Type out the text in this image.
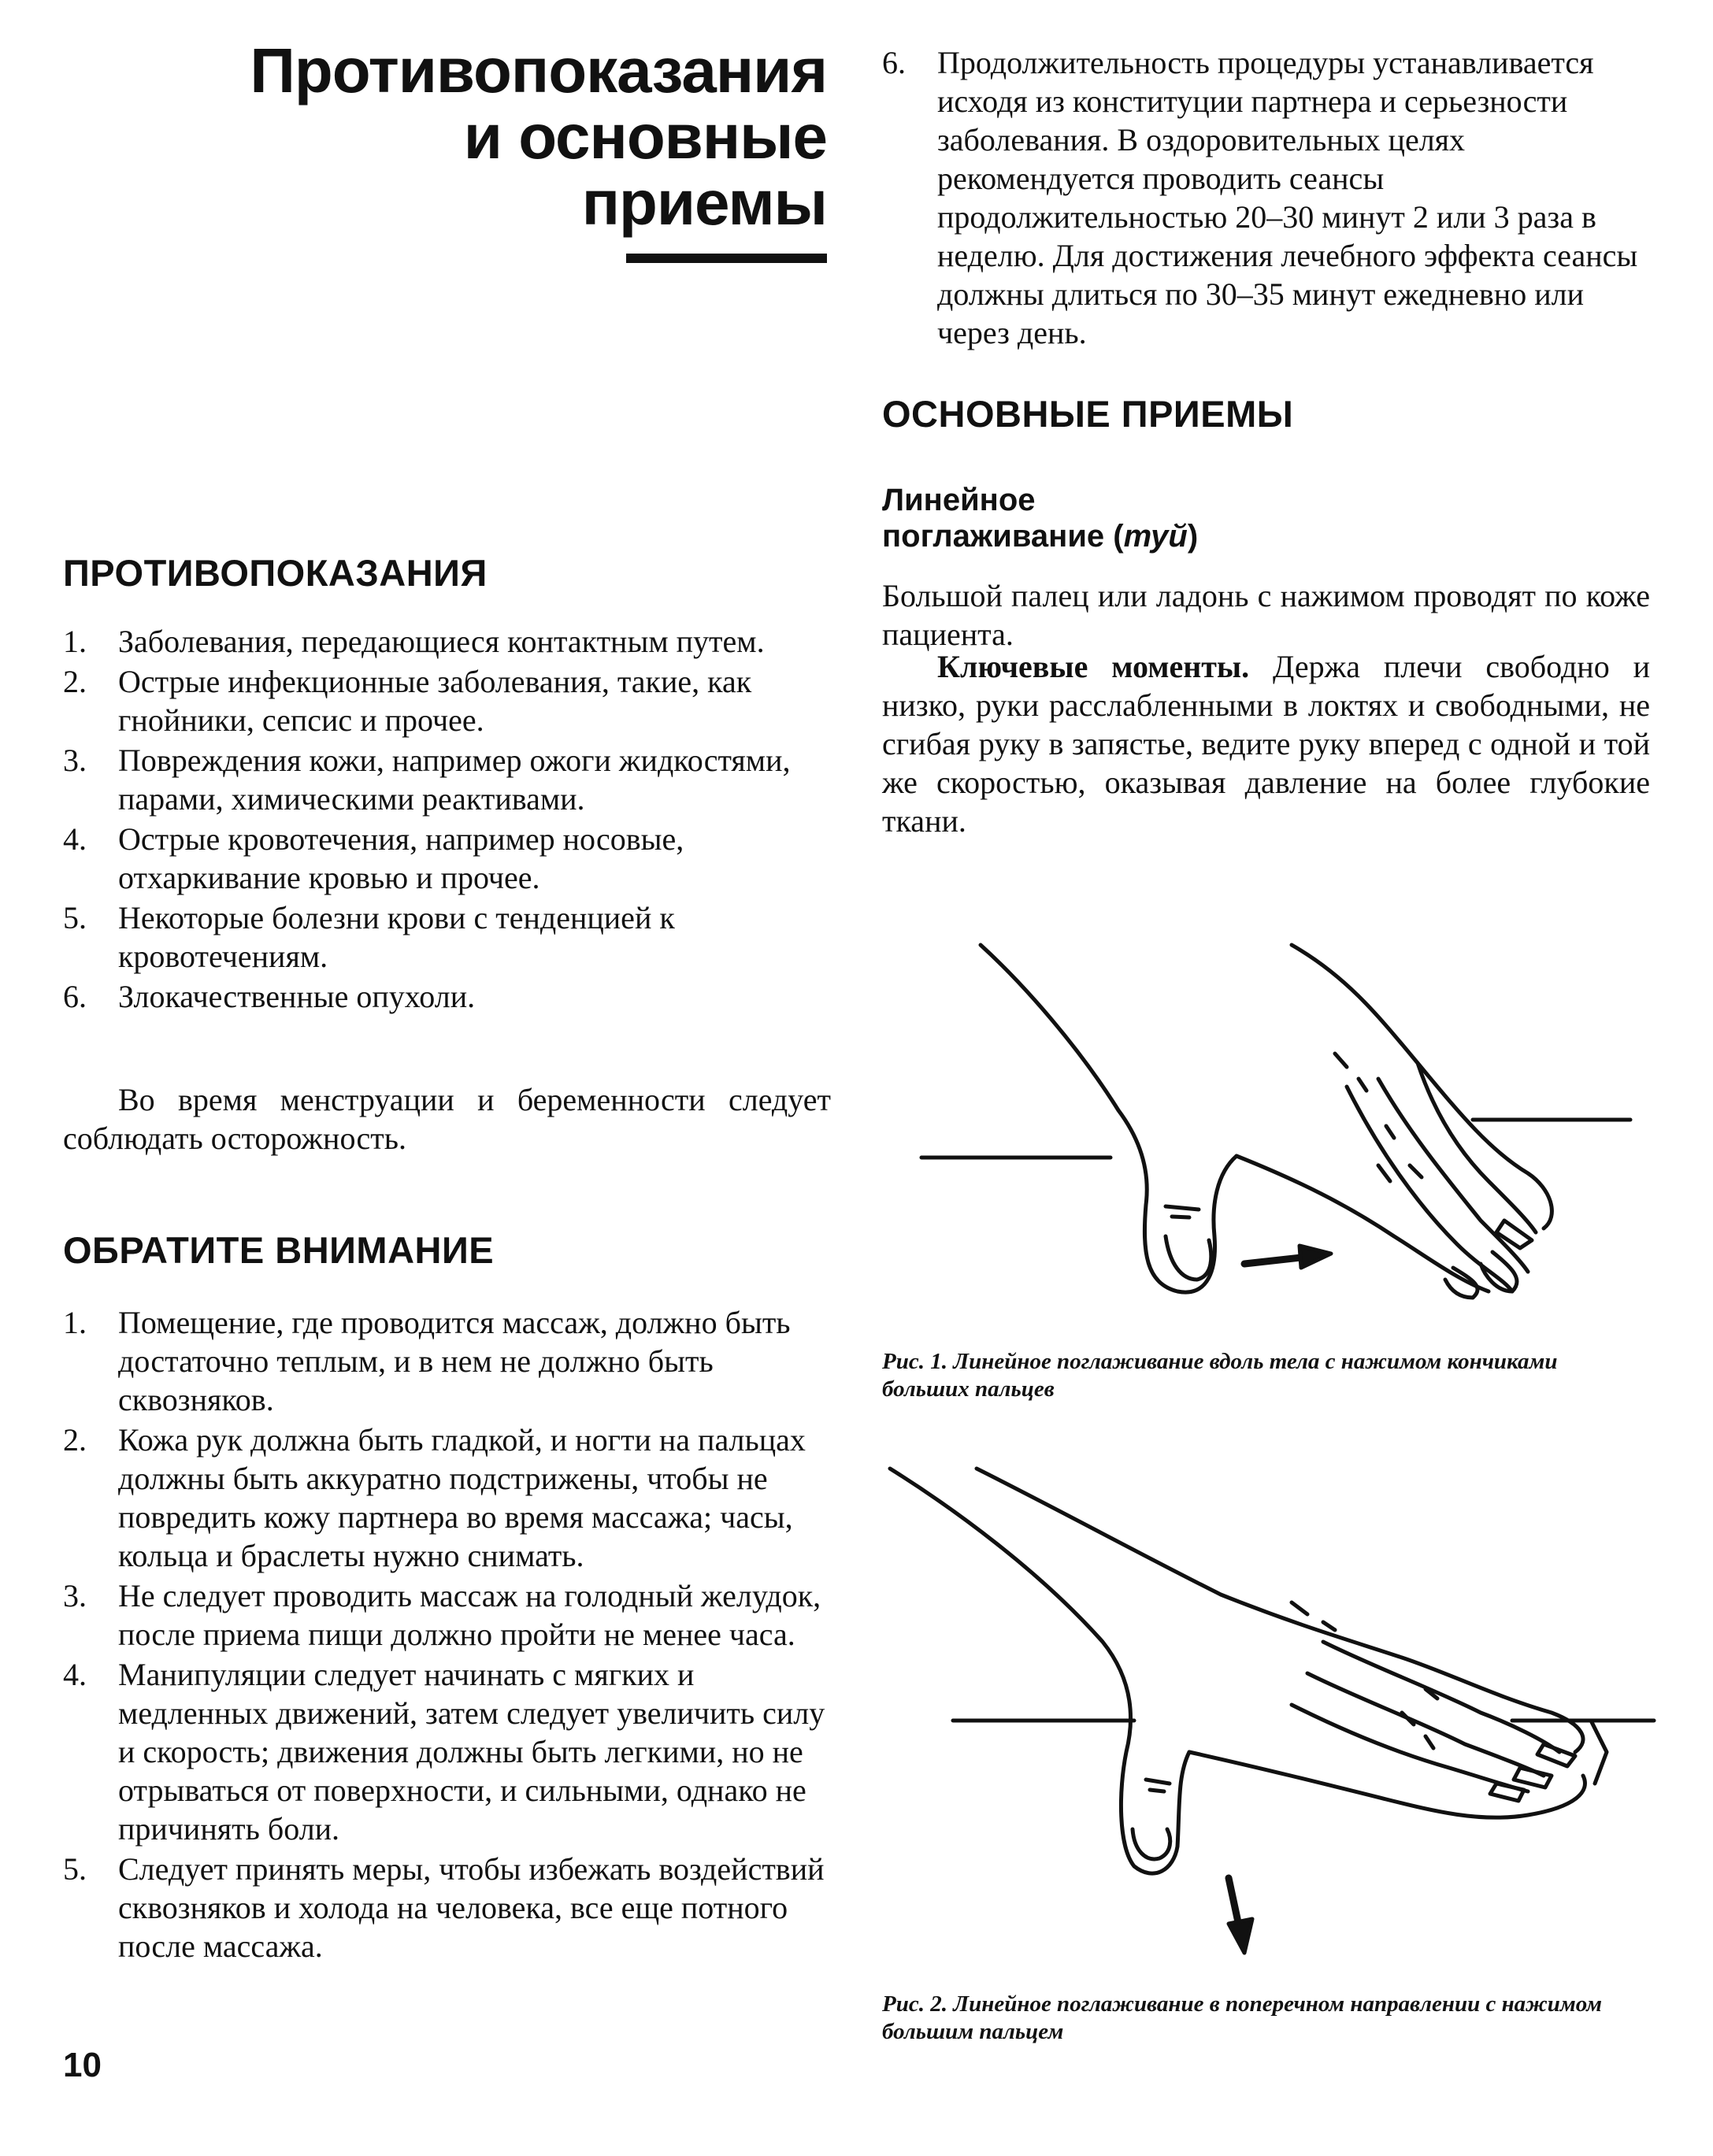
Противопоказания
и основные
приемы
ПРОТИВОПОКАЗАНИЯ
1.	Заболевания, передающиеся контактным путем.
2.	Острые инфекционные заболевания, такие, как гнойники, сепсис и прочее.
3.	Повреждения кожи, например ожоги жидкостями, парами, химическими реактивами.
4.	Острые кровотечения, например носовые, отхаркивание кровью и прочее.
5.	Некоторые болезни крови с тенденцией к кровотечениям.
6.	Злокачественные опухоли.

Во время менструации и беременности следует соблюдать осторожность.

ОБРАТИТЕ ВНИМАНИЕ
1.	Помещение, где проводится массаж, должно быть достаточно теплым, и в нем не должно быть сквозняков.
2.	Кожа рук должна быть гладкой, и ногти на пальцах должны быть аккуратно подстрижены, чтобы не повредить кожу партнера во время массажа; часы, кольца и браслеты нужно снимать.
3.	Не следует проводить массаж на голодный желудок, после приема пищи должно пройти не менее часа.
4.	Манипуляции следует начинать с мягких и медленных движений, затем следует увеличить силу и скорость; движения должны быть легкими, но не отрываться от поверхности, и сильными, однако не причинять боли.
5.	Следует принять меры, чтобы избежать воздействий сквозняков и холода на человека, все еще потного после массажа.
6.	Продолжительность процедуры устанавливается исходя из конституции партнера и серьезности заболевания. В оздоровительных целях рекомендуется проводить сеансы продолжительностью 20–30 минут 2 или 3 раза в неделю. Для достижения лечебного эффекта сеансы должны длиться по 30–35 минут ежедневно или через день.
ОСНОВНЫЕ ПРИЕМЫ
Линейное
поглаживание (туй)

Большой палец или ладонь с нажимом проводят по коже пациента.

Ключевые моменты. Держа плечи свободно и низко, руки расслабленными в локтях и свободными, не сгибая руку в запястье, ведите руку вперед с одной и той же скоростью, оказывая давление на более глубокие ткани.

Рис. 1. Линейное поглаживание вдоль тела с нажимом кончиками больших пальцев
Рис. 2. Линейное поглаживание в поперечном направлении с нажимом большим пальцем
10
